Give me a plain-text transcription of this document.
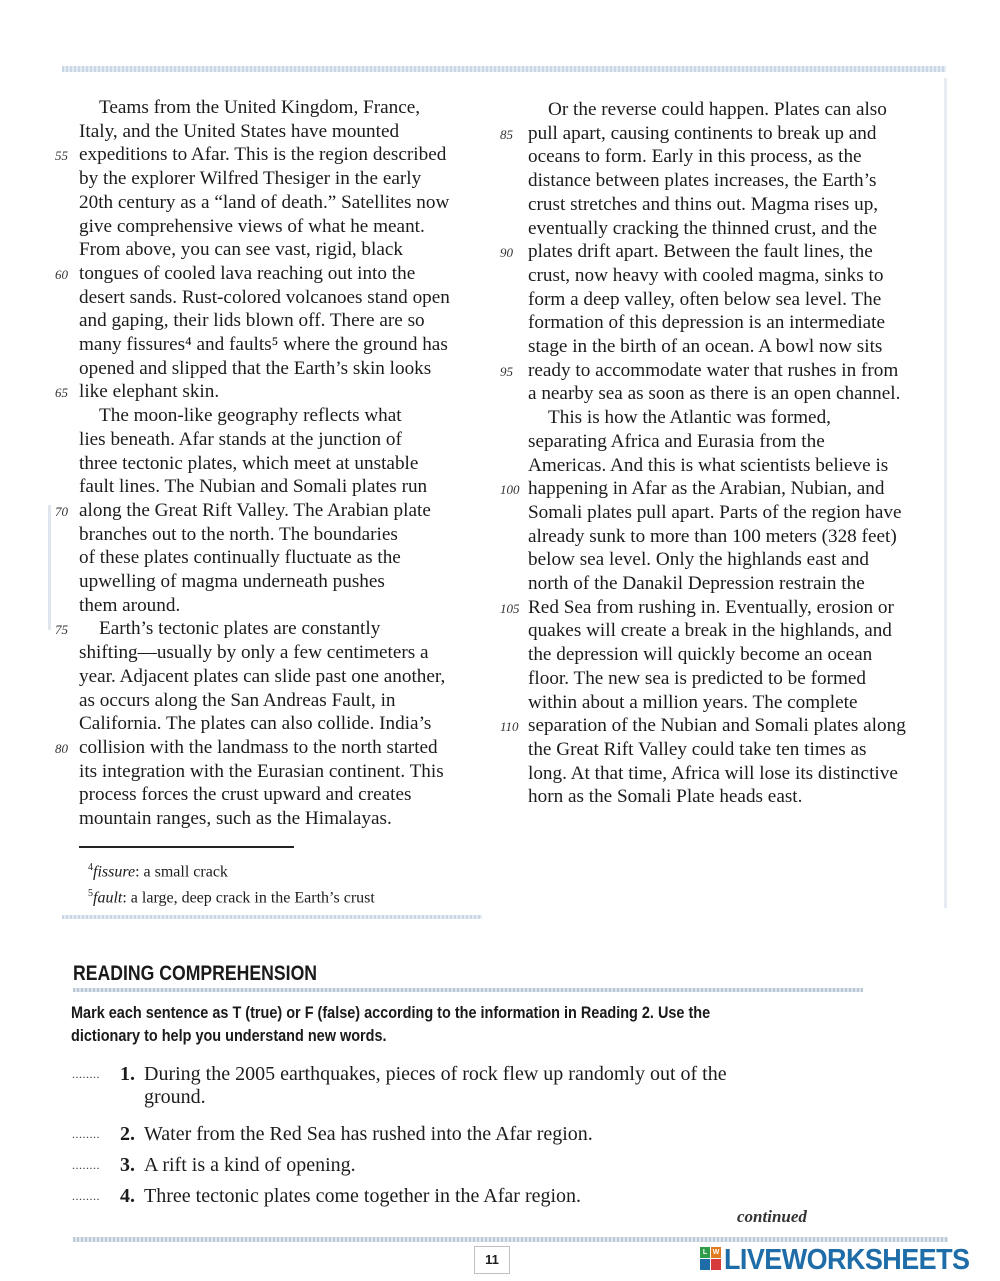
Teams from the United Kingdom, France,
Italy, and the United States have mounted
55 expeditions to Afar. This is the region described
by the explorer Wilfred Thesiger in the early
20th century as a “land of death.” Satellites now
give comprehensive views of what he meant.
From above, you can see vast, rigid, black
60 tongues of cooled lava reaching out into the
desert sands. Rust-colored volcanoes stand open
and gaping, their lids blown off. There are so
many fissures⁴ and faults⁵ where the ground has
opened and slipped that the Earth’s skin looks
65 like elephant skin.
The moon-like geography reflects what
lies beneath. Afar stands at the junction of
three tectonic plates, which meet at unstable
fault lines. The Nubian and Somali plates run
70 along the Great Rift Valley. The Arabian plate
branches out to the north. The boundaries
of these plates continually fluctuate as the
upwelling of magma underneath pushes
them around.
75 Earth’s tectonic plates are constantly
shifting—usually by only a few centimeters a
year. Adjacent plates can slide past one another,
as occurs along the San Andreas Fault, in
California. The plates can also collide. India’s
80 collision with the landmass to the north started
its integration with the Eurasian continent. This
process forces the crust upward and creates
mountain ranges, such as the Himalayas.
Or the reverse could happen. Plates can also
85 pull apart, causing continents to break up and
oceans to form. Early in this process, as the
distance between plates increases, the Earth’s
crust stretches and thins out. Magma rises up,
eventually cracking the thinned crust, and the
90 plates drift apart. Between the fault lines, the
crust, now heavy with cooled magma, sinks to
form a deep valley, often below sea level. The
formation of this depression is an intermediate
stage in the birth of an ocean. A bowl now sits
95 ready to accommodate water that rushes in from
a nearby sea as soon as there is an open channel.
This is how the Atlantic was formed,
separating Africa and Eurasia from the
Americas. And this is what scientists believe is
100 happening in Afar as the Arabian, Nubian, and
Somali plates pull apart. Parts of the region have
already sunk to more than 100 meters (328 feet)
below sea level. Only the highlands east and
north of the Danakil Depression restrain the
105 Red Sea from rushing in. Eventually, erosion or
quakes will create a break in the highlands, and
the depression will quickly become an ocean
floor. The new sea is predicted to be formed
within about a million years. The complete
110 separation of the Nubian and Somali plates along
the Great Rift Valley could take ten times as
long. At that time, Africa will lose its distinctive
horn as the Somali Plate heads east.
$^4$fissure: a small crack
$^5$fault: a large, deep crack in the Earth’s crust
READING COMPREHENSION
Mark each sentence as T (true) or F (false) according to the information in Reading 2. Use the
dictionary to help you understand new words.
........ 1. During the 2005 earthquakes, pieces of rock flew up randomly out of the
ground.
........ 2. Water from the Red Sea has rushed into the Afar region.
........ 3. A rift is a kind of opening.
........ 4. Three tectonic plates come together in the Afar region.
continued
11	L W LIVEWORKSHEETS
